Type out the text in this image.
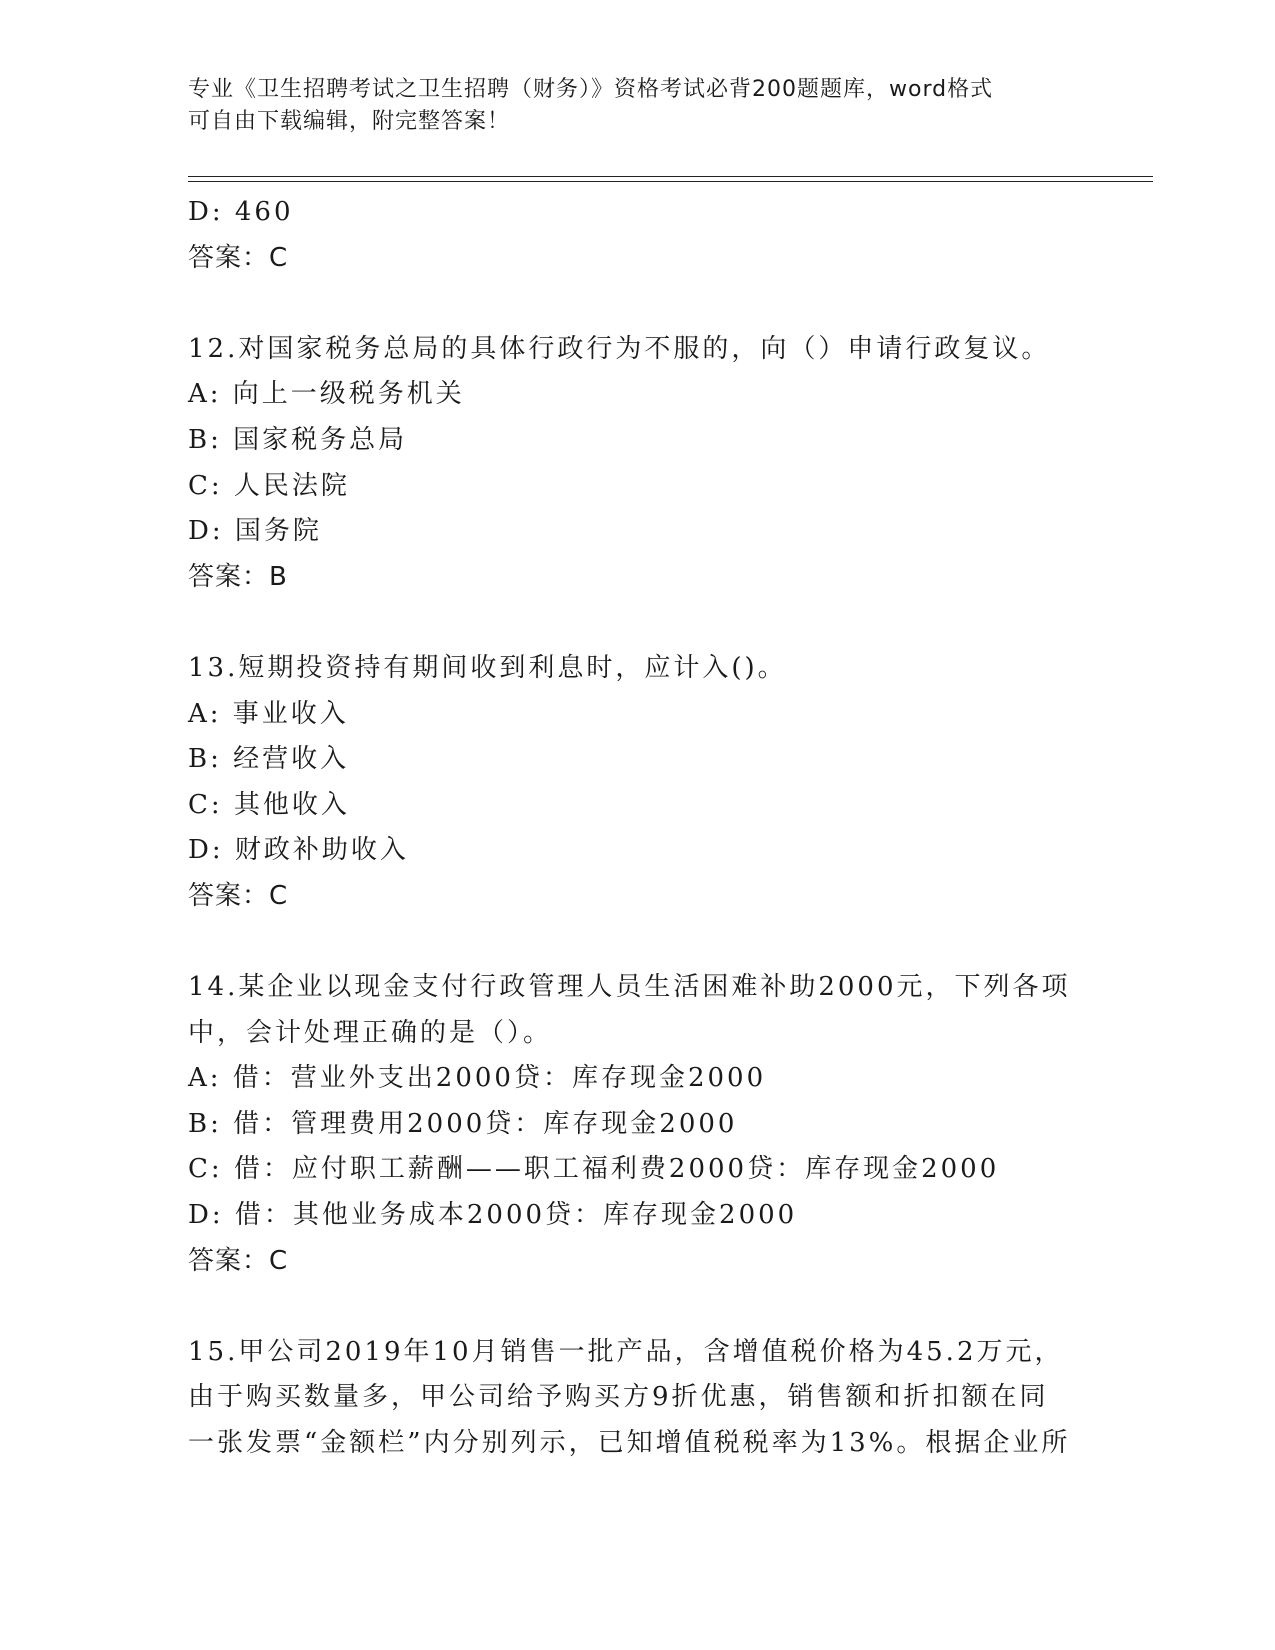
专业《卫生招聘考试之卫生招聘（财务）》资格考试必背200题题库，word格式
可自由下载编辑，附完整答案！
D: 460
答案：C
12.对国家税务总局的具体行政行为不服的，向（）申请行政复议。
A: 向上一级税务机关
B: 国家税务总局
C: 人民法院
D: 国务院
答案：B
13.短期投资持有期间收到利息时，应计入()。
A: 事业收入
B: 经营收入
C: 其他收入
D: 财政补助收入
答案：C
14.某企业以现金支付行政管理人员生活困难补助2000元，下列各项
中，会计处理正确的是（）。
A: 借：营业外支出2000贷：库存现金2000
B: 借：管理费用2000贷：库存现金2000
C: 借：应付职工薪酬——职工福利费2000贷：库存现金2000
D: 借：其他业务成本2000贷：库存现金2000
答案：C
15.甲公司2019年10月销售一批产品，含增值税价格为45.2万元，
由于购买数量多，甲公司给予购买方9折优惠，销售额和折扣额在同
一张发票“金额栏”内分别列示，已知增值税税率为13%。根据企业所
